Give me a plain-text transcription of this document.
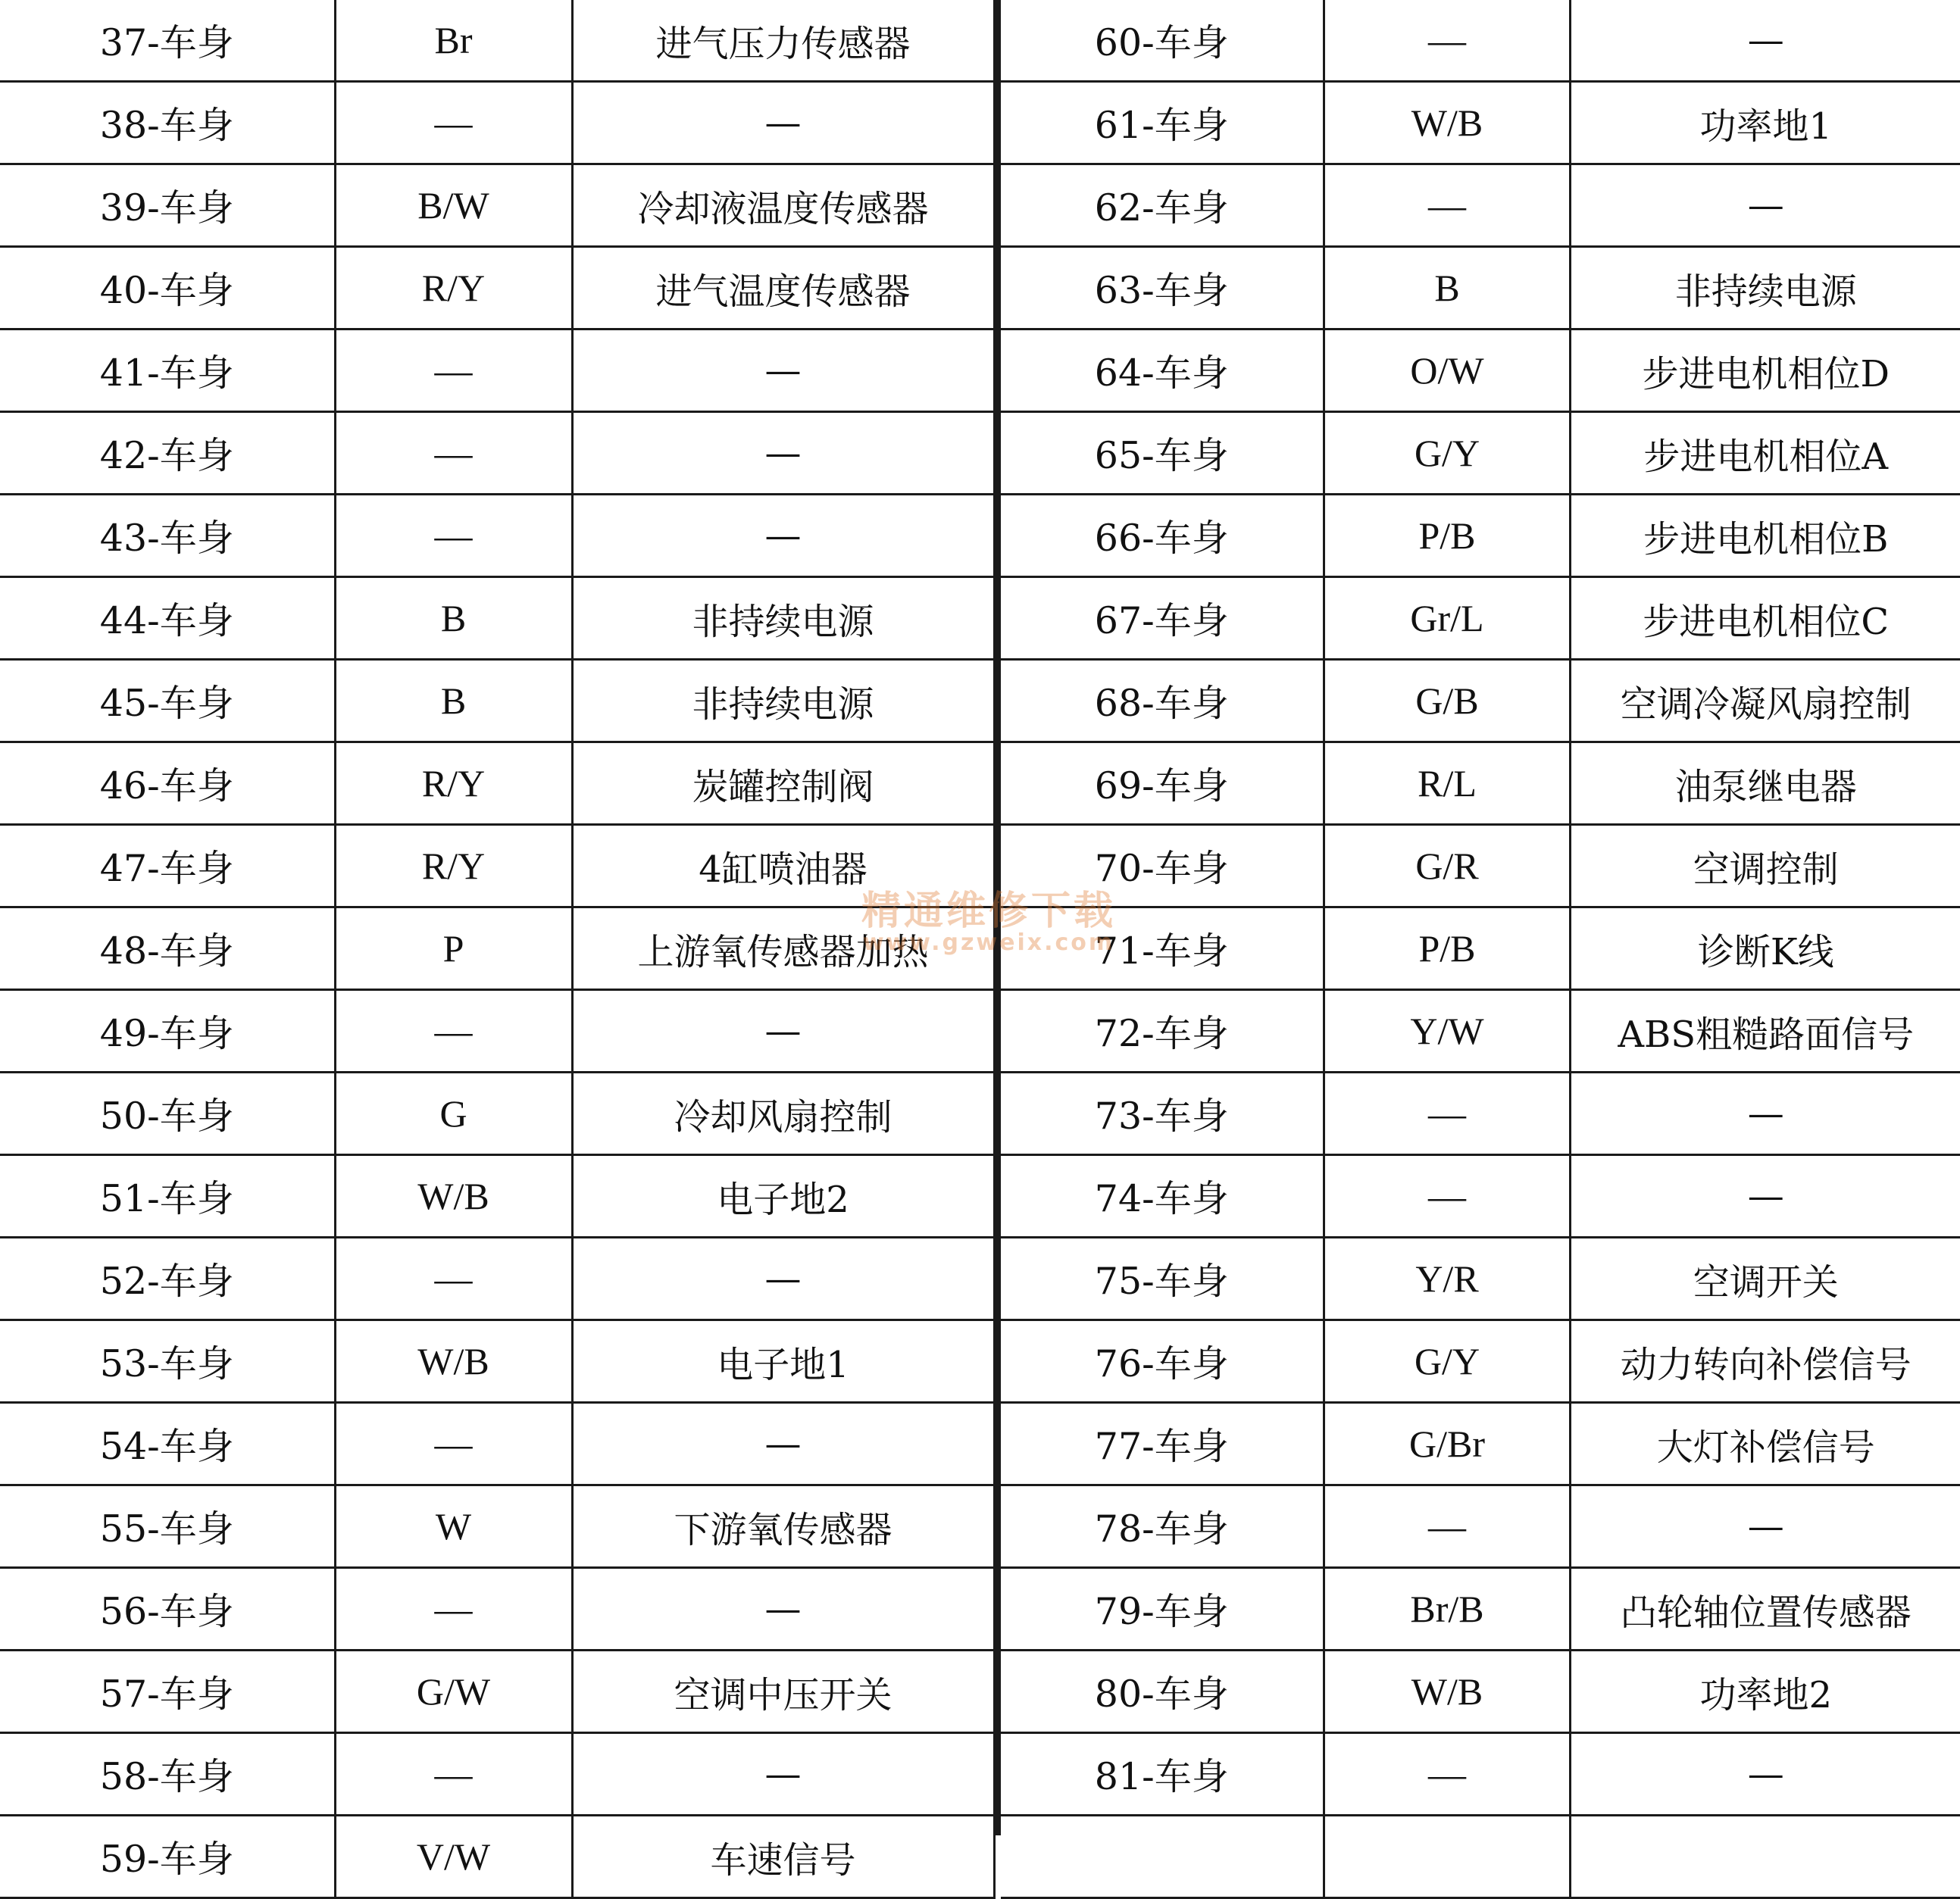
37-车身	Br	进气压力传感器
38-车身	—	—
39-车身	B/W	冷却液温度传感器
40-车身	R/Y	进气温度传感器
41-车身	—	—
42-车身	—	—
43-车身	—	—
44-车身	B	非持续电源
45-车身	B	非持续电源
46-车身	R/Y	炭罐控制阀
47-车身	R/Y	4缸喷油器
48-车身	P	上游氧传感器加热
49-车身	—	—
50-车身	G	冷却风扇控制
51-车身	W/B	电子地2
52-车身	—	—
53-车身	W/B	电子地1
54-车身	—	—
55-车身	W	下游氧传感器
56-车身	—	—
57-车身	G/W	空调中压开关
58-车身	—	—
59-车身	V/W	车速信号
60-车身	—	—
61-车身	W/B	功率地1
62-车身	—	—
63-车身	B	非持续电源
64-车身	O/W	步进电机相位D
65-车身	G/Y	步进电机相位A
66-车身	P/B	步进电机相位B
67-车身	Gr/L	步进电机相位C
68-车身	G/B	空调冷凝风扇控制
69-车身	R/L	油泵继电器
70-车身	G/R	空调控制
71-车身	P/B	诊断K线
72-车身	Y/W	ABS粗糙路面信号
73-车身	—	—
74-车身	—	—
75-车身	Y/R	空调开关
76-车身	G/Y	动力转向补偿信号
77-车身	G/Br	大灯补偿信号
78-车身	—	—
79-车身	Br/B	凸轮轴位置传感器
80-车身	W/B	功率地2
81-车身	—	—

精通维修下载
www.gzweix.com
